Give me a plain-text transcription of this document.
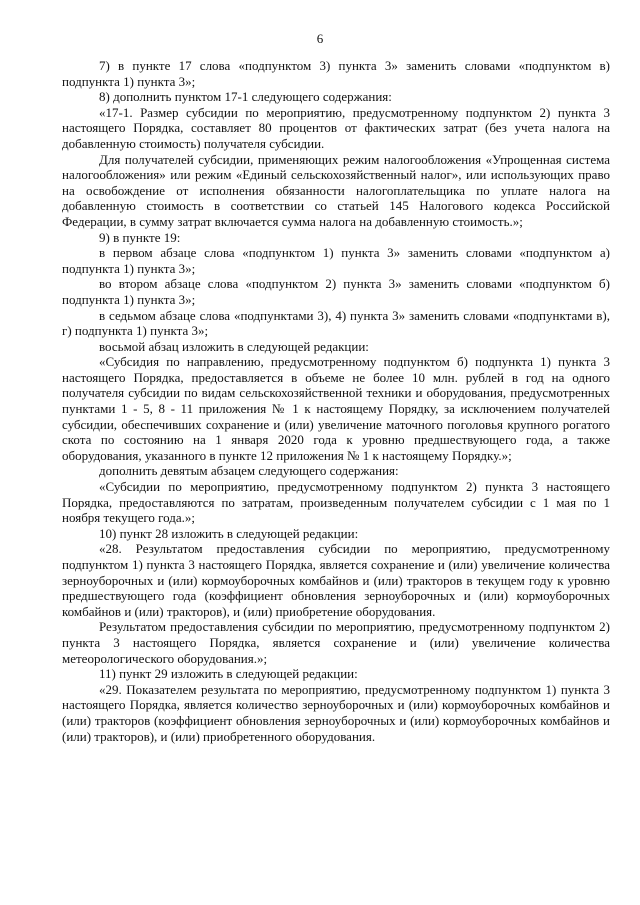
6

7) в пункте 17 слова «подпунктом 3) пункта 3» заменить словами «подпунктом в) подпункта 1) пункта 3»;

8) дополнить пунктом 17-1 следующего содержания:

«17-1. Размер субсидии по мероприятию, предусмотренному подпунктом 2) пункта 3 настоящего Порядка, составляет 80 процентов от фактических затрат (без учета налога на добавленную стоимость) получателя субсидии.

Для получателей субсидии, применяющих режим налогообложения «Упрощенная система налогообложения» или режим «Единый сельскохозяйственный налог», или использующих право на освобождение от исполнения обязанности налогоплательщика по уплате налога на добавленную стоимость в соответствии со статьей 145 Налогового кодекса Российской Федерации, в сумму затрат включается сумма налога на добавленную стоимость.»;

9) в пункте 19:

в первом абзаце слова «подпунктом 1) пункта 3» заменить словами «подпунктом а) подпункта 1) пункта 3»;

во втором абзаце слова «подпунктом 2) пункта 3» заменить словами «подпунктом б) подпункта 1) пункта 3»;

в седьмом абзаце слова «подпунктами 3), 4) пункта 3» заменить словами «подпунктами в), г) подпункта 1) пункта 3»;

восьмой абзац изложить в следующей редакции:

«Субсидия по направлению, предусмотренному подпунктом б) подпункта 1) пункта 3 настоящего Порядка, предоставляется в объеме не более 10 млн. рублей в год на одного получателя субсидии по видам сельскохозяйственной техники и оборудования, предусмотренных пунктами 1 - 5, 8 - 11 приложения № 1 к настоящему Порядку, за исключением получателей субсидии, обеспечивших сохранение и (или) увеличение маточного поголовья крупного рогатого скота по состоянию на 1 января 2020 года к уровню предшествующего года, а также оборудования, указанного в пункте 12 приложения № 1 к настоящему Порядку.»;

дополнить девятым абзацем следующего содержания:

«Субсидии по мероприятию, предусмотренному подпунктом 2) пункта 3 настоящего Порядка, предоставляются по затратам, произведенным получателем субсидии с 1 мая по 1 ноября текущего года.»;

10) пункт 28 изложить в следующей редакции:

«28. Результатом предоставления субсидии по мероприятию, предусмотренному подпунктом 1) пункта 3 настоящего Порядка, является сохранение и (или) увеличение количества зерноуборочных и (или) кормоуборочных комбайнов и (или) тракторов в текущем году к уровню предшествующего года (коэффициент обновления зерноуборочных и (или) кормоуборочных комбайнов и (или) тракторов), и (или) приобретение оборудования.

Результатом предоставления субсидии по мероприятию, предусмотренному подпунктом 2) пункта 3 настоящего Порядка, является сохранение и (или) увеличение количества метеорологического оборудования.»;

11) пункт 29 изложить в следующей редакции:

«29. Показателем результата по мероприятию, предусмотренному подпунктом 1) пункта 3 настоящего Порядка, является количество зерноуборочных и (или) кормоуборочных комбайнов и (или) тракторов (коэффициент обновления зерноуборочных и (или) кормоуборочных комбайнов и (или) тракторов), и (или) приобретенного оборудования.
